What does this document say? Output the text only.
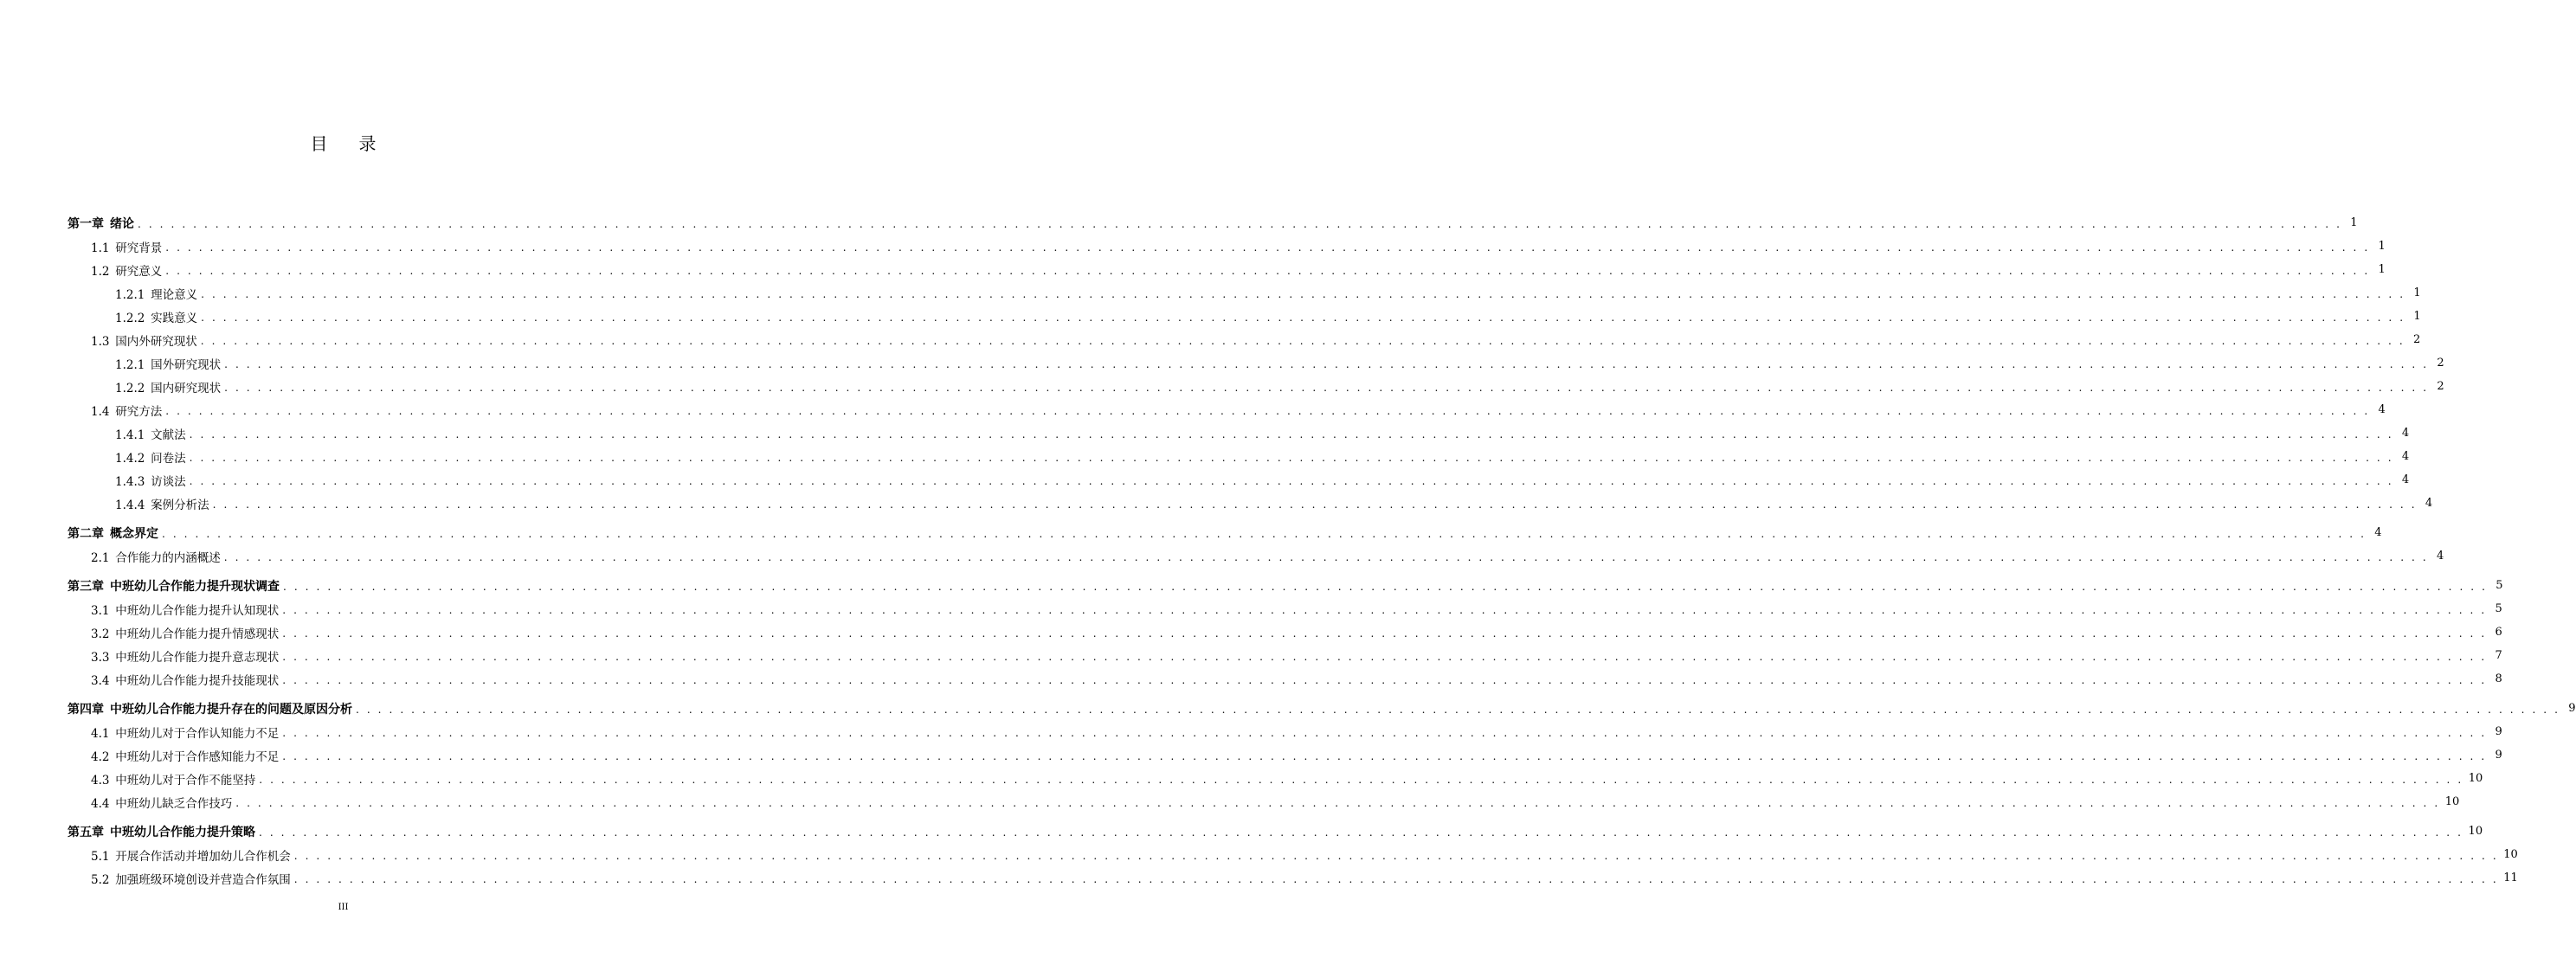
目录
第一章  绪论 . . . . . . . . . . . . . . . . . . . . . . . . . . . . . . . . . . . . . . . . . . . . . . . . . . . . . . . . . . . . . . . . . . . . . . . . . . . . . . . . . . . . . . . . . . . . . . . . . . . . . . . . . . . . . . . . . . . . . . . . . . . . . . . . . . . . . . . . . . . . . . . . . . . . . . . . . . . . . . . . . . . . . . . . . . . . . . . . . . . . . . . . . . . . . . . . . . . . . . . 1
1.1  研究背景 . . . . . . . . . . . . . . . . . . . . . . . . . . . . . . . . . . . . . . . . . . . . . . . . . . . . . . . . . . . . . . . . . . . . . . . . . . . . . . . . . . . . . . . . . . . . . . . . . . . . . . . . . . . . . . . . . . . . . . . . . . . . . . . . . . . . . . . . . . . . . . . . . . . . . . . . . . . . . . . . . . . . . . . . . . . . . . . . . . . . . . . . . . . . . . . . . . . . . . . 1
1.2  研究意义 . . . . . . . . . . . . . . . . . . . . . . . . . . . . . . . . . . . . . . . . . . . . . . . . . . . . . . . . . . . . . . . . . . . . . . . . . . . . . . . . . . . . . . . . . . . . . . . . . . . . . . . . . . . . . . . . . . . . . . . . . . . . . . . . . . . . . . . . . . . . . . . . . . . . . . . . . . . . . . . . . . . . . . . . . . . . . . . . . . . . . . . . . . . . . . . . . . . . . . . 1
1.2.1  理论意义 . . . . . . . . . . . . . . . . . . . . . . . . . . . . . . . . . . . . . . . . . . . . . . . . . . . . . . . . . . . . . . . . . . . . . . . . . . . . . . . . . . . . . . . . . . . . . . . . . . . . . . . . . . . . . . . . . . . . . . . . . . . . . . . . . . . . . . . . . . . . . . . . . . . . . . . . . . . . . . . . . . . . . . . . . . . . . . . . . . . . . . . . . . . . . . . . . . . . . . . 1
1.2.2  实践意义 . . . . . . . . . . . . . . . . . . . . . . . . . . . . . . . . . . . . . . . . . . . . . . . . . . . . . . . . . . . . . . . . . . . . . . . . . . . . . . . . . . . . . . . . . . . . . . . . . . . . . . . . . . . . . . . . . . . . . . . . . . . . . . . . . . . . . . . . . . . . . . . . . . . . . . . . . . . . . . . . . . . . . . . . . . . . . . . . . . . . . . . . . . . . . . . . . . . . . . . 1
1.3  国内外研究现状 . . . . . . . . . . . . . . . . . . . . . . . . . . . . . . . . . . . . . . . . . . . . . . . . . . . . . . . . . . . . . . . . . . . . . . . . . . . . . . . . . . . . . . . . . . . . . . . . . . . . . . . . . . . . . . . . . . . . . . . . . . . . . . . . . . . . . . . . . . . . . . . . . . . . . . . . . . . . . . . . . . . . . . . . . . . . . . . . . . . . . . . . . . . . . . . . . . . . . . . 2
1.2.1  国外研究现状 . . . . . . . . . . . . . . . . . . . . . . . . . . . . . . . . . . . . . . . . . . . . . . . . . . . . . . . . . . . . . . . . . . . . . . . . . . . . . . . . . . . . . . . . . . . . . . . . . . . . . . . . . . . . . . . . . . . . . . . . . . . . . . . . . . . . . . . . . . . . . . . . . . . . . . . . . . . . . . . . . . . . . . . . . . . . . . . . . . . . . . . . . . . . . . . . . . . . . . . 2
1.2.2  国内研究现状 . . . . . . . . . . . . . . . . . . . . . . . . . . . . . . . . . . . . . . . . . . . . . . . . . . . . . . . . . . . . . . . . . . . . . . . . . . . . . . . . . . . . . . . . . . . . . . . . . . . . . . . . . . . . . . . . . . . . . . . . . . . . . . . . . . . . . . . . . . . . . . . . . . . . . . . . . . . . . . . . . . . . . . . . . . . . . . . . . . . . . . . . . . . . . . . . . . . . . . . 2
1.4  研究方法 . . . . . . . . . . . . . . . . . . . . . . . . . . . . . . . . . . . . . . . . . . . . . . . . . . . . . . . . . . . . . . . . . . . . . . . . . . . . . . . . . . . . . . . . . . . . . . . . . . . . . . . . . . . . . . . . . . . . . . . . . . . . . . . . . . . . . . . . . . . . . . . . . . . . . . . . . . . . . . . . . . . . . . . . . . . . . . . . . . . . . . . . . . . . . . . . . . . . . . . 4
1.4.1  文献法 . . . . . . . . . . . . . . . . . . . . . . . . . . . . . . . . . . . . . . . . . . . . . . . . . . . . . . . . . . . . . . . . . . . . . . . . . . . . . . . . . . . . . . . . . . . . . . . . . . . . . . . . . . . . . . . . . . . . . . . . . . . . . . . . . . . . . . . . . . . . . . . . . . . . . . . . . . . . . . . . . . . . . . . . . . . . . . . . . . . . . . . . . . . . . . . . . . . . . . . 4
1.4.2  问卷法 . . . . . . . . . . . . . . . . . . . . . . . . . . . . . . . . . . . . . . . . . . . . . . . . . . . . . . . . . . . . . . . . . . . . . . . . . . . . . . . . . . . . . . . . . . . . . . . . . . . . . . . . . . . . . . . . . . . . . . . . . . . . . . . . . . . . . . . . . . . . . . . . . . . . . . . . . . . . . . . . . . . . . . . . . . . . . . . . . . . . . . . . . . . . . . . . . . . . . . . 4
1.4.3  访谈法 . . . . . . . . . . . . . . . . . . . . . . . . . . . . . . . . . . . . . . . . . . . . . . . . . . . . . . . . . . . . . . . . . . . . . . . . . . . . . . . . . . . . . . . . . . . . . . . . . . . . . . . . . . . . . . . . . . . . . . . . . . . . . . . . . . . . . . . . . . . . . . . . . . . . . . . . . . . . . . . . . . . . . . . . . . . . . . . . . . . . . . . . . . . . . . . . . . . . . . . 4
1.4.4  案例分析法 . . . . . . . . . . . . . . . . . . . . . . . . . . . . . . . . . . . . . . . . . . . . . . . . . . . . . . . . . . . . . . . . . . . . . . . . . . . . . . . . . . . . . . . . . . . . . . . . . . . . . . . . . . . . . . . . . . . . . . . . . . . . . . . . . . . . . . . . . . . . . . . . . . . . . . . . . . . . . . . . . . . . . . . . . . . . . . . . . . . . . . . . . . . . . . . . . . . . . . . 4
第二章  概念界定 . . . . . . . . . . . . . . . . . . . . . . . . . . . . . . . . . . . . . . . . . . . . . . . . . . . . . . . . . . . . . . . . . . . . . . . . . . . . . . . . . . . . . . . . . . . . . . . . . . . . . . . . . . . . . . . . . . . . . . . . . . . . . . . . . . . . . . . . . . . . . . . . . . . . . . . . . . . . . . . . . . . . . . . . . . . . . . . . . . . . . . . . . . . . . . . . . . . . . . . 4
2.1  合作能力的内涵概述 . . . . . . . . . . . . . . . . . . . . . . . . . . . . . . . . . . . . . . . . . . . . . . . . . . . . . . . . . . . . . . . . . . . . . . . . . . . . . . . . . . . . . . . . . . . . . . . . . . . . . . . . . . . . . . . . . . . . . . . . . . . . . . . . . . . . . . . . . . . . . . . . . . . . . . . . . . . . . . . . . . . . . . . . . . . . . . . . . . . . . . . . . . . . . . . . . . . . . . . 4
第三章  中班幼儿合作能力提升现状调查 . . . . . . . . . . . . . . . . . . . . . . . . . . . . . . . . . . . . . . . . . . . . . . . . . . . . . . . . . . . . . . . . . . . . . . . . . . . . . . . . . . . . . . . . . . . . . . . . . . . . . . . . . . . . . . . . . . . . . . . . . . . . . . . . . . . . . . . . . . . . . . . . . . . . . . . . . . . . . . . . . . . . . . . . . . . . . . . . . . . . . . . . . . . . . . . . . . . . . . . 5
3.1  中班幼儿合作能力提升认知现状 . . . . . . . . . . . . . . . . . . . . . . . . . . . . . . . . . . . . . . . . . . . . . . . . . . . . . . . . . . . . . . . . . . . . . . . . . . . . . . . . . . . . . . . . . . . . . . . . . . . . . . . . . . . . . . . . . . . . . . . . . . . . . . . . . . . . . . . . . . . . . . . . . . . . . . . . . . . . . . . . . . . . . . . . . . . . . . . . . . . . . . . . . . . . . . . . . . . . . . . 5
3.2  中班幼儿合作能力提升情感现状 . . . . . . . . . . . . . . . . . . . . . . . . . . . . . . . . . . . . . . . . . . . . . . . . . . . . . . . . . . . . . . . . . . . . . . . . . . . . . . . . . . . . . . . . . . . . . . . . . . . . . . . . . . . . . . . . . . . . . . . . . . . . . . . . . . . . . . . . . . . . . . . . . . . . . . . . . . . . . . . . . . . . . . . . . . . . . . . . . . . . . . . . . . . . . . . . . . . . . . . 6
3.3  中班幼儿合作能力提升意志现状 . . . . . . . . . . . . . . . . . . . . . . . . . . . . . . . . . . . . . . . . . . . . . . . . . . . . . . . . . . . . . . . . . . . . . . . . . . . . . . . . . . . . . . . . . . . . . . . . . . . . . . . . . . . . . . . . . . . . . . . . . . . . . . . . . . . . . . . . . . . . . . . . . . . . . . . . . . . . . . . . . . . . . . . . . . . . . . . . . . . . . . . . . . . . . . . . . . . . . . . 7
3.4  中班幼儿合作能力提升技能现状 . . . . . . . . . . . . . . . . . . . . . . . . . . . . . . . . . . . . . . . . . . . . . . . . . . . . . . . . . . . . . . . . . . . . . . . . . . . . . . . . . . . . . . . . . . . . . . . . . . . . . . . . . . . . . . . . . . . . . . . . . . . . . . . . . . . . . . . . . . . . . . . . . . . . . . . . . . . . . . . . . . . . . . . . . . . . . . . . . . . . . . . . . . . . . . . . . . . . . . . 8
第四章  中班幼儿合作能力提升存在的问题及原因分析 . . . . . . . . . . . . . . . . . . . . . . . . . . . . . . . . . . . . . . . . . . . . . . . . . . . . . . . . . . . . . . . . . . . . . . . . . . . . . . . . . . . . . . . . . . . . . . . . . . . . . . . . . . . . . . . . . . . . . . . . . . . . . . . . . . . . . . . . . . . . . . . . . . . . . . . . . . . . . . . . . . . . . . . . . . . . . . . . . . . . . . . . . . . . . . . . . . . . . . . 9
4.1  中班幼儿对于合作认知能力不足 . . . . . . . . . . . . . . . . . . . . . . . . . . . . . . . . . . . . . . . . . . . . . . . . . . . . . . . . . . . . . . . . . . . . . . . . . . . . . . . . . . . . . . . . . . . . . . . . . . . . . . . . . . . . . . . . . . . . . . . . . . . . . . . . . . . . . . . . . . . . . . . . . . . . . . . . . . . . . . . . . . . . . . . . . . . . . . . . . . . . . . . . . . . . . . . . . . . . . . . 9
4.2  中班幼儿对于合作感知能力不足 . . . . . . . . . . . . . . . . . . . . . . . . . . . . . . . . . . . . . . . . . . . . . . . . . . . . . . . . . . . . . . . . . . . . . . . . . . . . . . . . . . . . . . . . . . . . . . . . . . . . . . . . . . . . . . . . . . . . . . . . . . . . . . . . . . . . . . . . . . . . . . . . . . . . . . . . . . . . . . . . . . . . . . . . . . . . . . . . . . . . . . . . . . . . . . . . . . . . . . . 9
4.3  中班幼儿对于合作不能坚持 . . . . . . . . . . . . . . . . . . . . . . . . . . . . . . . . . . . . . . . . . . . . . . . . . . . . . . . . . . . . . . . . . . . . . . . . . . . . . . . . . . . . . . . . . . . . . . . . . . . . . . . . . . . . . . . . . . . . . . . . . . . . . . . . . . . . . . . . . . . . . . . . . . . . . . . . . . . . . . . . . . . . . . . . . . . . . . . . . . . . . . . . . . . . . . . . . . . . . . . 10
4.4  中班幼儿缺乏合作技巧 . . . . . . . . . . . . . . . . . . . . . . . . . . . . . . . . . . . . . . . . . . . . . . . . . . . . . . . . . . . . . . . . . . . . . . . . . . . . . . . . . . . . . . . . . . . . . . . . . . . . . . . . . . . . . . . . . . . . . . . . . . . . . . . . . . . . . . . . . . . . . . . . . . . . . . . . . . . . . . . . . . . . . . . . . . . . . . . . . . . . . . . . . . . . . . . . . . . . . . . 10
第五章  中班幼儿合作能力提升策略 . . . . . . . . . . . . . . . . . . . . . . . . . . . . . . . . . . . . . . . . . . . . . . . . . . . . . . . . . . . . . . . . . . . . . . . . . . . . . . . . . . . . . . . . . . . . . . . . . . . . . . . . . . . . . . . . . . . . . . . . . . . . . . . . . . . . . . . . . . . . . . . . . . . . . . . . . . . . . . . . . . . . . . . . . . . . . . . . . . . . . . . . . . . . . . . . . . . . . . . 10
5.1  开展合作活动并增加幼儿合作机会 . . . . . . . . . . . . . . . . . . . . . . . . . . . . . . . . . . . . . . . . . . . . . . . . . . . . . . . . . . . . . . . . . . . . . . . . . . . . . . . . . . . . . . . . . . . . . . . . . . . . . . . . . . . . . . . . . . . . . . . . . . . . . . . . . . . . . . . . . . . . . . . . . . . . . . . . . . . . . . . . . . . . . . . . . . . . . . . . . . . . . . . . . . . . . . . . . . . . . . . 10
5.2  加强班级环境创设并营造合作氛围 . . . . . . . . . . . . . . . . . . . . . . . . . . . . . . . . . . . . . . . . . . . . . . . . . . . . . . . . . . . . . . . . . . . . . . . . . . . . . . . . . . . . . . . . . . . . . . . . . . . . . . . . . . . . . . . . . . . . . . . . . . . . . . . . . . . . . . . . . . . . . . . . . . . . . . . . . . . . . . . . . . . . . . . . . . . . . . . . . . . . . . . . . . . . . . . . . . . . . . . 11
III
